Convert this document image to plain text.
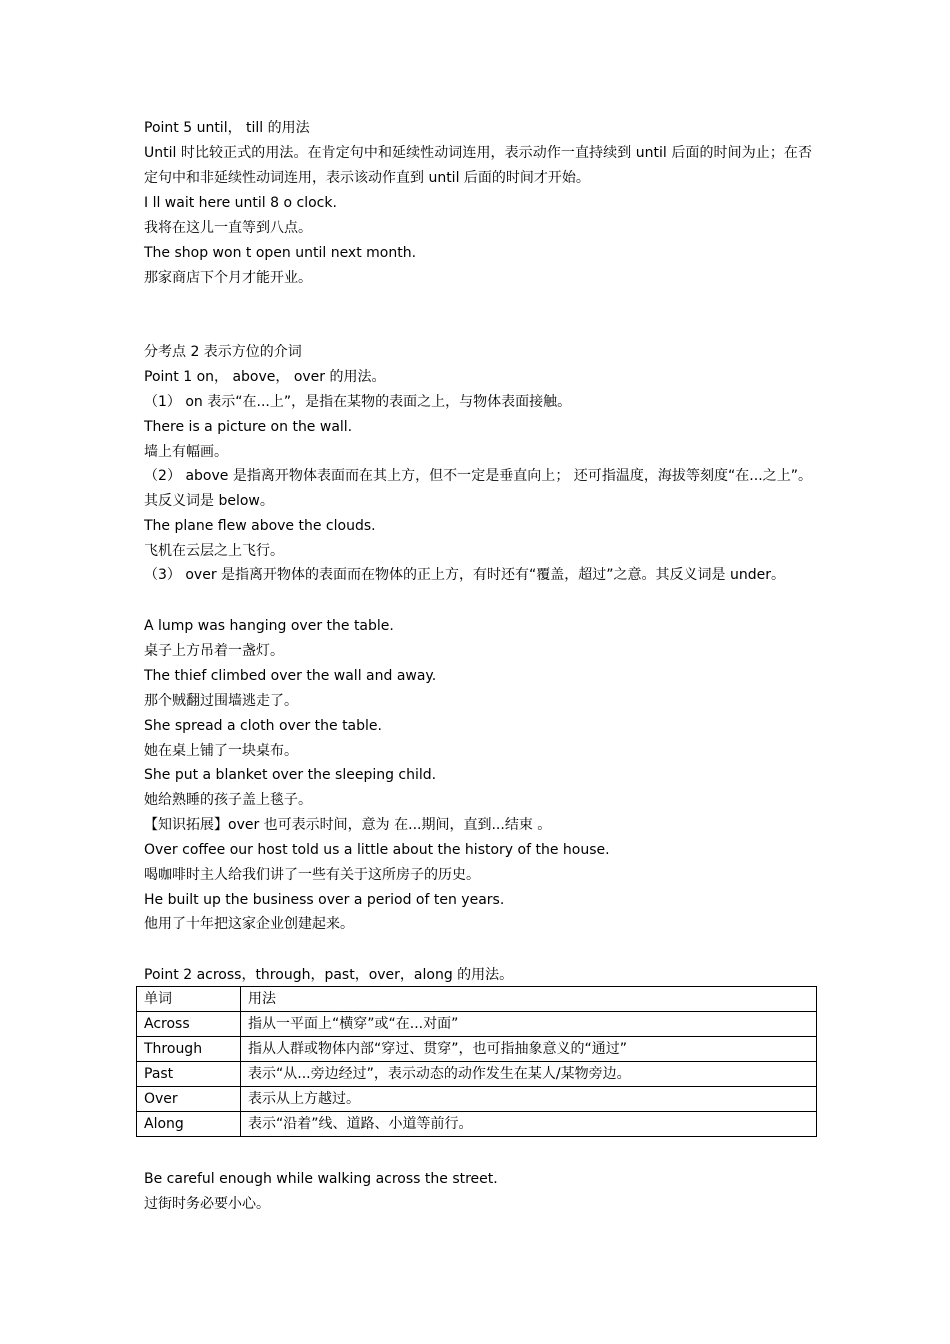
Point 5 until， till 的用法
Until 时比较正式的用法。在肯定句中和延续性动词连用，表示动作一直持续到 until 后面的时间为止；在否定句中和非延续性动词连用，表示该动作直到 until 后面的时间才开始。
I ll wait here until 8 o clock.
我将在这儿一直等到八点。
The shop won t open until next month.
那家商店下个月才能开业。
分考点 2 表示方位的介词
Point 1 on， above， over 的用法。
（1） on 表示“在...上”，是指在某物的表面之上，与物体表面接触。
There is a picture on the wall.
墙上有幅画。
（2） above 是指离开物体表面而在其上方，但不一定是垂直向上； 还可指温度，海拔等刻度“在...之上”。其反义词是 below。
The plane flew above the clouds.
飞机在云层之上飞行。
（3） over 是指离开物体的表面而在物体的正上方，有时还有“覆盖，超过”之意。其反义词是 under。
A lump was hanging over the table.
桌子上方吊着一盏灯。
The thief climbed over the wall and away.
那个贼翻过围墙逃走了。
She spread a cloth over the table.
她在桌上铺了一块桌布。
She put a blanket over the sleeping child.
她给熟睡的孩子盖上毯子。
【知识拓展】over 也可表示时间，意为 在...期间，直到...结束 。
Over coffee our host told us a little about the history of the house.
喝咖啡时主人给我们讲了一些有关于这所房子的历史。
He built up the business over a period of ten years.
他用了十年把这家企业创建起来。
Point 2 across，through，past，over，along 的用法。
单词	用法
Across	指从一平面上“横穿”或“在...对面”
Through	指从人群或物体内部“穿过、贯穿”，也可指抽象意义的“通过”
Past	表示“从...旁边经过”，表示动态的动作发生在某人/某物旁边。
Over	表示从上方越过。
Along	表示“沿着”线、道路、小道等前行。
Be careful enough while walking across the street.
过街时务必要小心。
